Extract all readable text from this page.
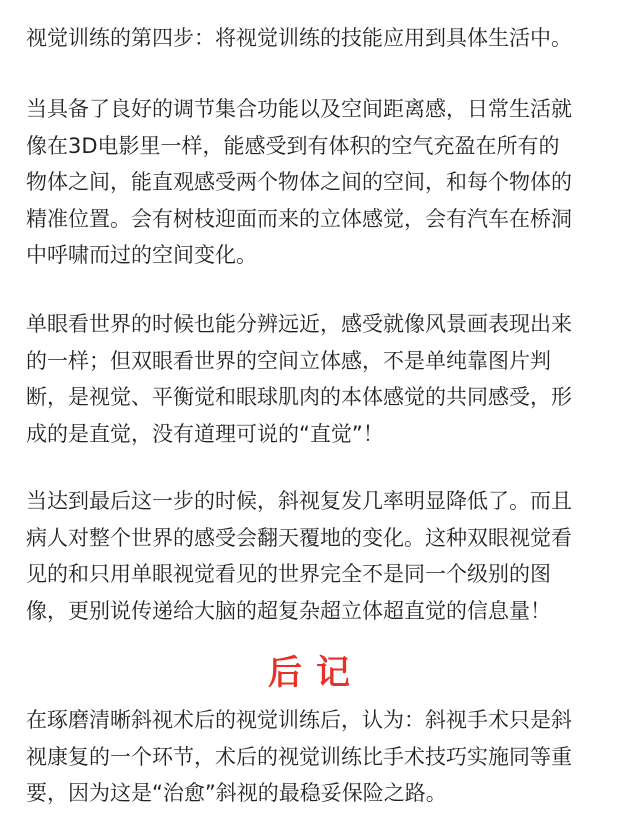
视觉训练的第四步：将视觉训练的技能应用到具体生活中。

当具备了良好的调节集合功能以及空间距离感，日常生活就
像在3D电影里一样，能感受到有体积的空气充盈在所有的
物体之间，能直观感受两个物体之间的空间，和每个物体的
精准位置。会有树枝迎面而来的立体感觉，会有汽车在桥洞
中呼啸而过的空间变化。

单眼看世界的时候也能分辨远近，感受就像风景画表现出来
的一样；但双眼看世界的空间立体感，不是单纯靠图片判
断，是视觉、平衡觉和眼球肌肉的本体感觉的共同感受，形
成的是直觉，没有道理可说的“直觉”！

当达到最后这一步的时候，斜视复发几率明显降低了。而且
病人对整个世界的感受会翻天覆地的变化。这种双眼视觉看
见的和只用单眼视觉看见的世界完全不是同一个级别的图
像，更别说传递给大脑的超复杂超立体超直觉的信息量！

后记

在琢磨清晰斜视术后的视觉训练后，认为：斜视手术只是斜
视康复的一个环节，术后的视觉训练比手术技巧实施同等重
要，因为这是“治愈”斜视的最稳妥保险之路。
